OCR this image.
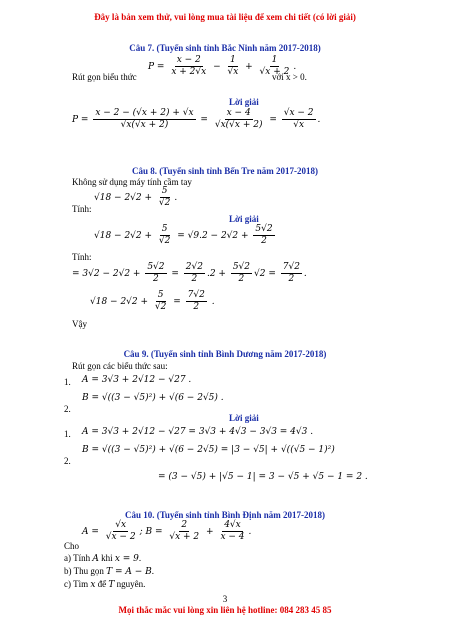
Đây là bản xem thử, vui lòng mua tài liệu để xem chi tiết (có lời giải)
Câu 7. (Tuyển sinh tỉnh Bắc Ninh năm 2017-2018)
Rút gọn biểu thức
$P = \frac{x - 2}{x + 2√x} - \frac{1}{√x} + \frac{1}{√x + 2}$ .
với x > 0.
Lời giải
$P = \frac{x - 2 - (√x + 2) + √x}{√x(√x + 2)} = \frac{x - 4}{√x(√x + 2)} = \frac{√x - 2}{√x}$ .
Câu 8. (Tuyển sinh tỉnh Bến Tre năm 2017-2018)
Không sử dụng máy tính cầm tay
$√18 - 2√2 + \frac{5}{√2}$ .
Tính:
Lời giải
$√18 - 2√2 + \frac{5}{√2} = √9.2 - 2√2 + \frac{5√2}{2}$
Tính:
= $3√2 - 2√2 + \frac{5√2}{2} = \frac{2√2}{2} .2 + \frac{5√2}{2} √2 = \frac{7√2}{2}$ .
$√18 - 2√2 + \frac{5}{√2} = \frac{7√2}{2}$ .
Vậy
Câu 9. (Tuyển sinh tỉnh Bình Dương năm 2017-2018)
Rút gọn các biểu thức sau:
1. A = 3√3 + 2√12 − √27 .
2.
B = √((3 − √5)²) + √(6 − 2√5) .
Lời giải
1. A = 3√3 + 2√12 − √27 = 3√3 + 4√3 − 3√3 = 4√3 .
2.
B = √((3 − √5)²) + √(6 − 2√5) = |3 − √5| + √((√5 − 1)²)
= (3 − √5) + |√5 − 1| = 3 − √5 + √5 − 1 = 2 .
Câu 10. (Tuyển sinh tỉnh Bình Định năm 2017-2018)
Cho
$A = \frac{√x}{√x - 2}$ ; $B = \frac{2}{√x + 2} + \frac{4√x}{x - 4}$ .
a) Tính A khi x = 9.
b) Thu gọn T = A − B.
c) Tìm x để T nguyên.
3
Mọi thắc mắc vui lòng xin liên hệ hotline: 084 283 45 85
